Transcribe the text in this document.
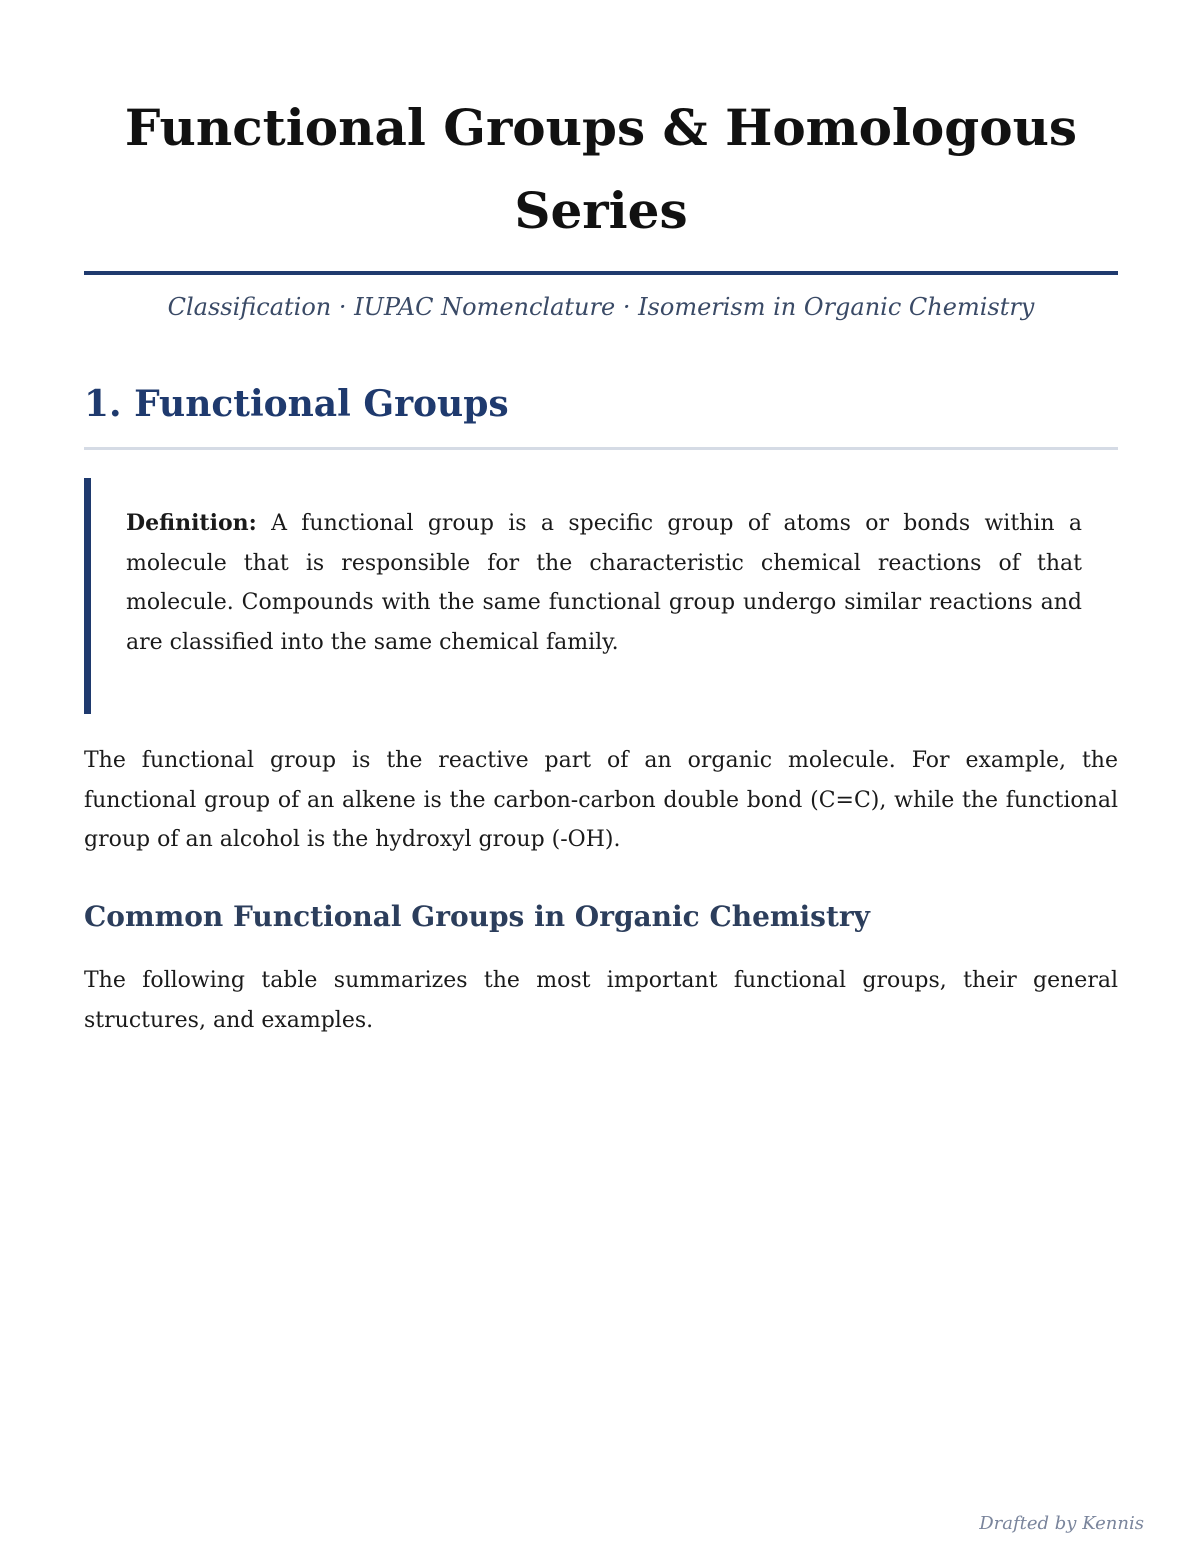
Functional Groups & Homologous Series
Classification · IUPAC Nomenclature · Isomerism in Organic Chemistry
1. Functional Groups

Definition: A functional group is a specific group of atoms or bonds within a molecule that is responsible for the characteristic chemical reactions of that molecule. Compounds with the same functional group undergo similar reactions and are classified into the same chemical family.

The functional group is the reactive part of an organic molecule. For example, the functional group of an alkene is the carbon-carbon double bond (C=C), while the functional group of an alcohol is the hydroxyl group (-OH).

Common Functional Groups in Organic Chemistry

The following table summarizes the most important functional groups, their general structures, and examples.

Drafted by Kennis
